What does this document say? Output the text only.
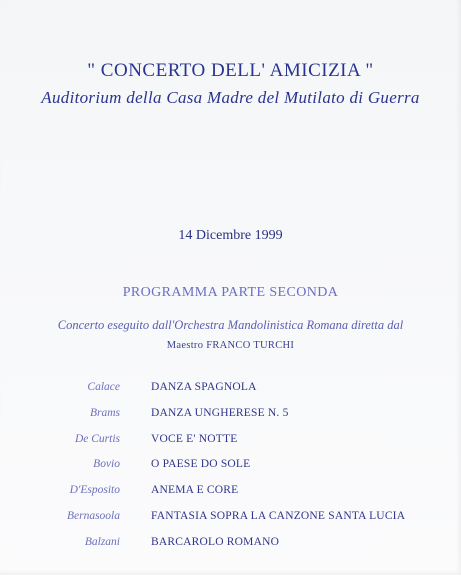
" CONCERTO DELL' AMICIZIA "
Auditorium della Casa Madre del Mutilato di Guerra
14 Dicembre 1999
PROGRAMMA PARTE SECONDA
Concerto eseguito dall'Orchestra Mandolinistica Romana diretta dal
Maestro FRANCO TURCHI
Calace	DANZA SPAGNOLA
Brams	DANZA UNGHERESE N. 5
De Curtis	VOCE E' NOTTE
Bovio	O PAESE DO SOLE
D'Esposito	ANEMA E CORE
Bernasoola	FANTASIA SOPRA LA CANZONE SANTA LUCIA
Balzani	BARCAROLO ROMANO
